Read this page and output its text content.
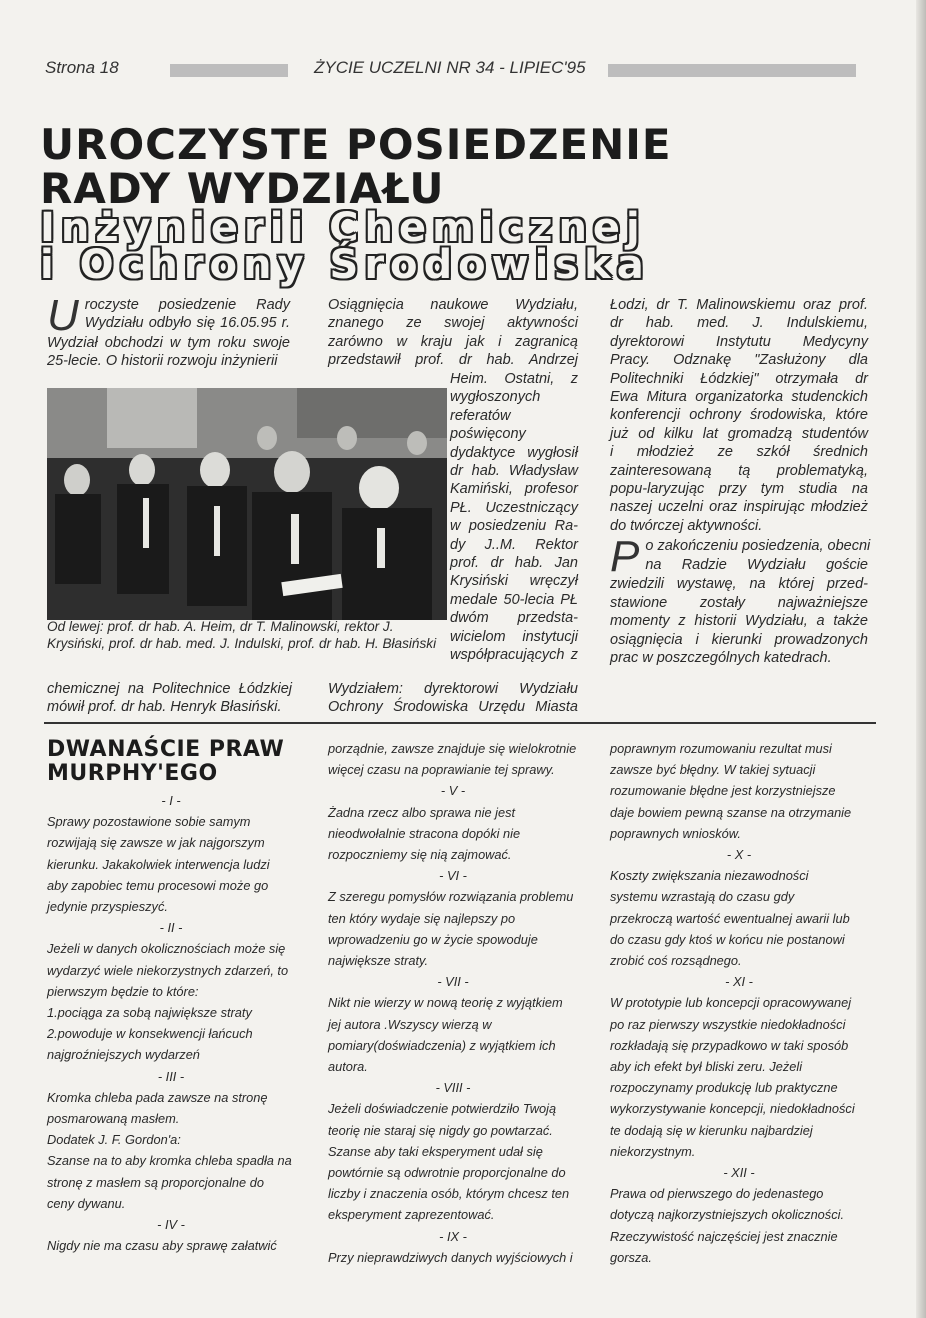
Strona 18	ŻYCIE UCZELNI NR 34 - LIPIEC'95
UROCZYSTE POSIEDZENIE
RADY WYDZIAŁU
Inżynierii Chemicznej
i Ochrony Środowiska
U roczyste posiedzenie Rady
Wydziału odbyło się 16.05.95 r.
Wydział obchodzi w tym roku swoje
25-lecie. O historii rozwoju inżynierii
Od lewej: prof. dr hab. A. Heim, dr T. Malinowski, rektor J. Krysiński, prof. dr hab. med. J. Indulski, prof. dr hab. H. Błasiński
chemicznej na Politechnice Łódzkiej
mówił prof. dr hab. Henryk Błasiński.
Osiągnięcia naukowe Wydziału,
znanego ze swojej aktywności
zarówno w kraju jak i zagranicą
przedstawił prof. dr hab. Andrzej
Heim. Ostatni, z
wygłoszonych
referatów
poświęcony
dydaktyce wygłosił
dr hab. Władysław
Kamiński, profesor
PŁ. Uczestniczący
w posiedzeniu Ra-
dy J..M. Rektor
prof. dr hab. Jan
Krysiński wręczył
medale 50-lecia PŁ
dwóm przedsta-
wicielom instytucji
współpracujących z
Wydziałem: dyrektorowi Wydziału
Ochrony Środowiska Urzędu Miasta
Łodzi, dr T. Malinowskiemu oraz prof.
dr hab. med. J. Indulskiemu,
dyrektorowi Instytutu Medycyny
Pracy. Odznakę "Zasłużony dla
Politechniki Łódzkiej" otrzymała dr
Ewa Mitura organizatorka studenckich
konferencji ochrony środowiska, które
już od kilku lat gromadzą studentów
i młodzież ze szkół średnich
zainteresowaną tą problematyką,
popu-laryzując przy tym studia na
naszej uczelni oraz inspirując młodzież
do twórczej aktywności.
P o zakończeniu posiedzenia, obecni
na Radzie Wydziału goście
zwiedzili wystawę, na której przed-
stawione zostały najważniejsze
momenty z historii Wydziału, a także
osiągnięcia i kierunki prowadzonych
prac w poszczególnych katedrach.
DWANAŚCIE PRAW
MURPHY'EGO
- I -
Sprawy pozostawione sobie samym
rozwijają się zawsze w jak najgorszym
kierunku. Jakakolwiek interwencja ludzi
aby zapobiec temu procesowi może go
jedynie przyspieszyć.
- II -
Jeżeli w danych okolicznościach może się
wydarzyć wiele niekorzystnych zdarzeń, to
pierwszym będzie to które:
1.pociąga za sobą największe straty
2.powoduje w konsekwencji łańcuch
najgroźniejszych wydarzeń
- III -
Kromka chleba pada zawsze na stronę
posmarowaną masłem.
Dodatek J. F. Gordon'a:
Szanse na to aby kromka chleba spadła na
stronę z masłem są proporcjonalne do
ceny dywanu.
- IV -
Nigdy nie ma czasu aby sprawę załatwić
porządnie, zawsze znajduje się wielokrotnie
więcej czasu na poprawianie tej sprawy.
- V -
Żadna rzecz albo sprawa nie jest
nieodwołalnie stracona dopóki nie
rozpoczniemy się nią zajmować.
- VI -
Z szeregu pomysłów rozwiązania problemu
ten który wydaje się najlepszy po
wprowadzeniu go w życie spowoduje
największe straty.
- VII -
Nikt nie wierzy w nową teorię z wyjątkiem
jej autora .Wszyscy wierzą w
pomiary(doświadczenia) z wyjątkiem ich
autora.
- VIII -
Jeżeli doświadczenie potwierdziło Twoją
teorię nie staraj się nigdy go powtarzać.
Szanse aby taki eksperyment udał się
powtórnie są odwrotnie proporcjonalne do
liczby i znaczenia osób, którym chcesz ten
eksperyment zaprezentować.
- IX -
Przy nieprawdziwych danych wyjściowych i
poprawnym rozumowaniu rezultat musi
zawsze być błędny. W takiej sytuacji
rozumowanie błędne jest korzystniejsze
daje bowiem pewną szanse na otrzymanie
poprawnych wniosków.
- X -
Koszty zwiększania niezawodności
systemu wzrastają do czasu gdy
przekroczą wartość ewentualnej awarii lub
do czasu gdy ktoś w końcu nie postanowi
zrobić coś rozsądnego.
- XI -
W prototypie lub koncepcji opracowywanej
po raz pierwszy wszystkie niedokładności
rozkładają się przypadkowo w taki sposób
aby ich efekt był bliski zeru. Jeżeli
rozpoczynamy produkcję lub praktyczne
wykorzystywanie koncepcji, niedokładności
te dodają się w kierunku najbardziej
niekorzystnym.
- XII -
Prawa od pierwszego do jedenastego
dotyczą najkorzystniejszych okoliczności.
Rzeczywistość najczęściej jest znacznie
gorsza.
